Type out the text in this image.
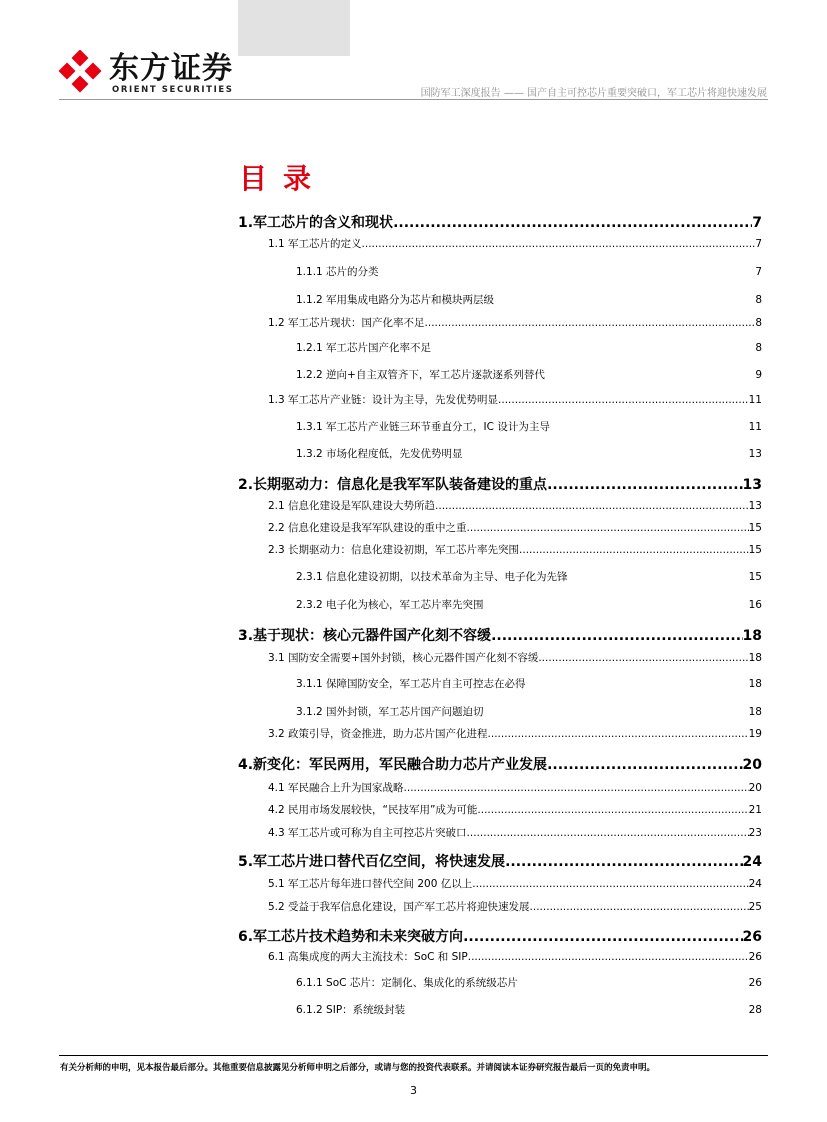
东方证券
ORIENT SECURITIES	国防军工深度报告 —— 国产自主可控芯片重要突破口，军工芯片将迎快速发展
目录
1.军工芯片的含义和现状 .....	7
1.1 军工芯片的定义 .....	7
1.1.1 芯片的分类	7
1.1.2 军用集成电路分为芯片和模块两层级	8
1.2 军工芯片现状：国产化率不足 .....	8
1.2.1 军工芯片国产化率不足	8
1.2.2 逆向+自主双管齐下，军工芯片逐款逐系列替代	9
1.3 军工芯片产业链：设计为主导，先发优势明显 .....	11
1.3.1 军工芯片产业链三环节垂直分工，IC 设计为主导	11
1.3.2 市场化程度低，先发优势明显	13
2.长期驱动力：信息化是我军军队装备建设的重点 .....	13
2.1 信息化建设是军队建设大势所趋 .....	13
2.2 信息化建设是我军军队建设的重中之重 .....	15
2.3 长期驱动力：信息化建设初期，军工芯片率先突围 .....	15
2.3.1 信息化建设初期，以技术革命为主导、电子化为先锋	15
2.3.2 电子化为核心，军工芯片率先突围	16
3.基于现状：核心元器件国产化刻不容缓 .....	18
3.1 国防安全需要+国外封锁，核心元器件国产化刻不容缓 .....	18
3.1.1 保障国防安全，军工芯片自主可控志在必得	18
3.1.2 国外封锁，军工芯片国产问题迫切	18
3.2 政策引导，资金推进，助力芯片国产化进程 .....	19
4.新变化：军民两用，军民融合助力芯片产业发展 .....	20
4.1 军民融合上升为国家战略 .....	20
4.2 民用市场发展较快，“民技军用”成为可能 .....	21
4.3 军工芯片或可称为自主可控芯片突破口 .....	23
5.军工芯片进口替代百亿空间，将快速发展 .....	24
5.1 军工芯片每年进口替代空间 200 亿以上 .....	24
5.2 受益于我军信息化建设，国产军工芯片将迎快速发展 .....	25
6.军工芯片技术趋势和未来突破方向 .....	26
6.1 高集成度的两大主流技术：SoC 和 SIP .....	26
6.1.1 SoC 芯片：定制化、集成化的系统级芯片	26
6.1.2 SIP：系统级封装	28
有关分析师的申明，见本报告最后部分。其他重要信息披露见分析师申明之后部分，或请与您的投资代表联系。并请阅读本证券研究报告最后一页的免责申明。
3
